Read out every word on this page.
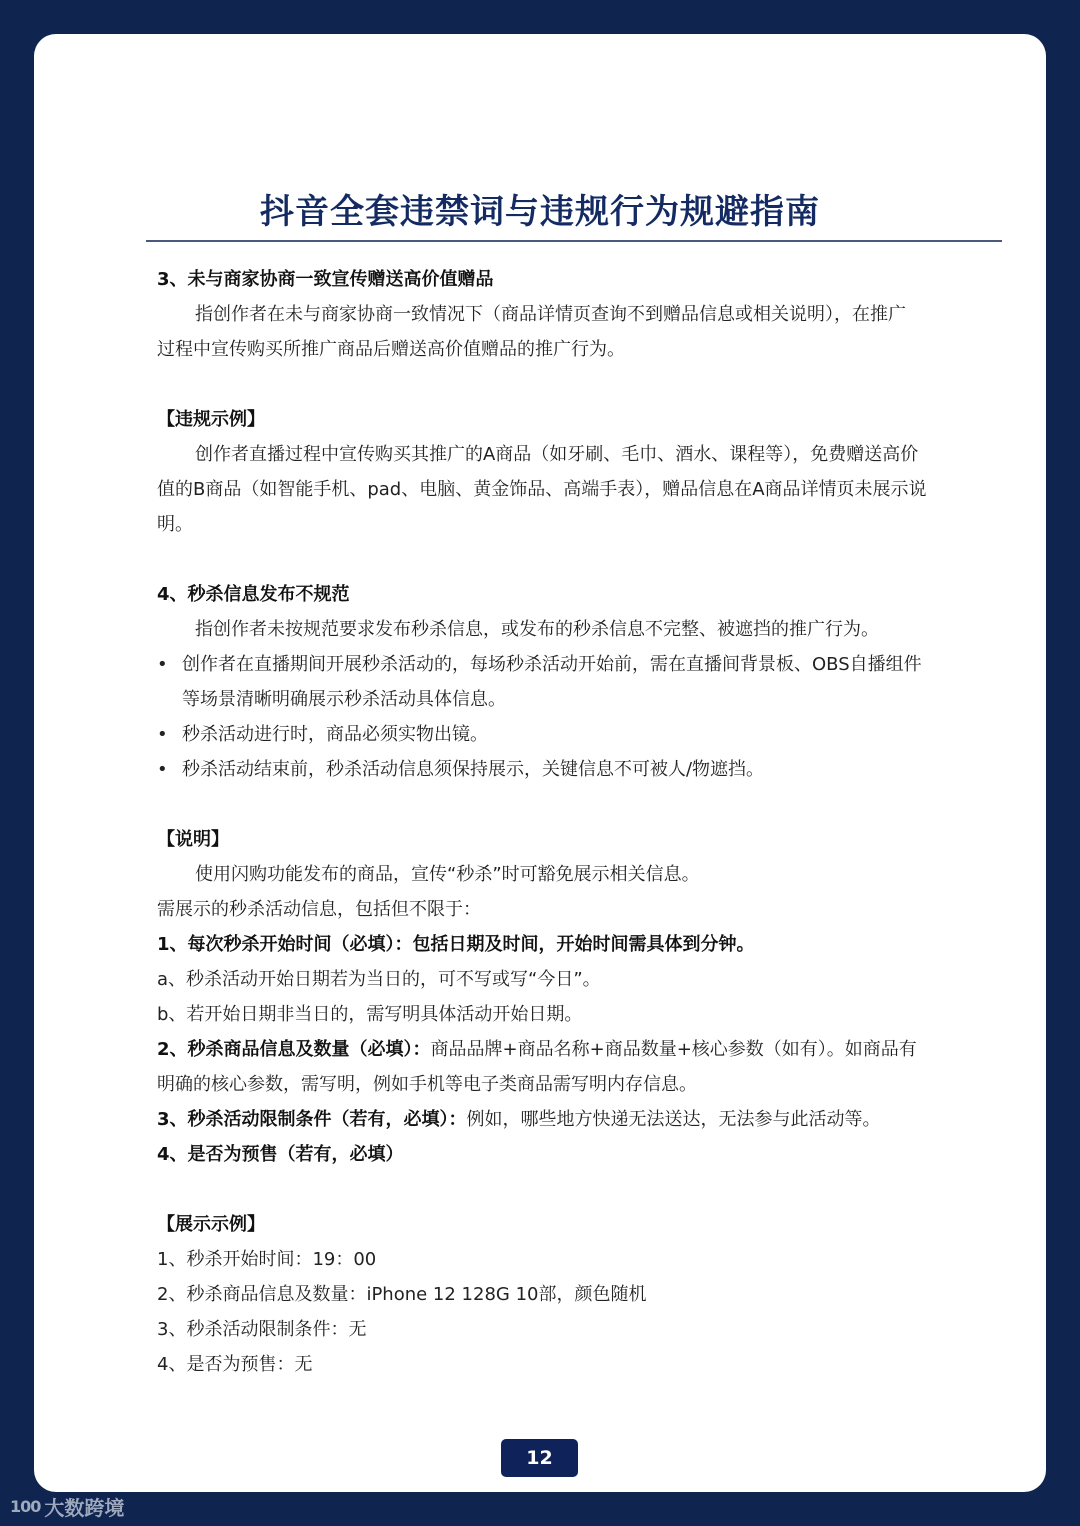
抖音全套违禁词与违规行为规避指南
3、未与商家协商一致宣传赠送高价值赠品
指创作者在未与商家协商一致情况下（商品详情页查询不到赠品信息或相关说明），在推广
过程中宣传购买所推广商品后赠送高价值赠品的推广行为。
【违规示例】
创作者直播过程中宣传购买其推广的A商品（如牙刷、毛巾、酒水、课程等），免费赠送高价
值的B商品（如智能手机、pad、电脑、黄金饰品、高端手表），赠品信息在A商品详情页未展示说
明。
4、秒杀信息发布不规范
指创作者未按规范要求发布秒杀信息，或发布的秒杀信息不完整、被遮挡的推广行为。
• 创作者在直播期间开展秒杀活动的，每场秒杀活动开始前，需在直播间背景板、OBS自播组件
等场景清晰明确展示秒杀活动具体信息。
• 秒杀活动进行时，商品必须实物出镜。
• 秒杀活动结束前，秒杀活动信息须保持展示，关键信息不可被人/物遮挡。
【说明】
使用闪购功能发布的商品，宣传“秒杀”时可豁免展示相关信息。
需展示的秒杀活动信息，包括但不限于：
1、每次秒杀开始时间（必填）：包括日期及时间，开始时间需具体到分钟。
a、秒杀活动开始日期若为当日的，可不写或写“今日”。
b、若开始日期非当日的，需写明具体活动开始日期。
2、秒杀商品信息及数量（必填）：商品品牌+商品名称+商品数量+核心参数（如有）。如商品有
明确的核心参数，需写明，例如手机等电子类商品需写明内存信息。
3、秒杀活动限制条件（若有，必填）：例如，哪些地方快递无法送达，无法参与此活动等。
4、是否为预售（若有，必填）
【展示示例】
1、秒杀开始时间：19：00
2、秒杀商品信息及数量：iPhone 12 128G 10部，颜色随机
3、秒杀活动限制条件：无
4、是否为预售：无
12
100 大数跨境
